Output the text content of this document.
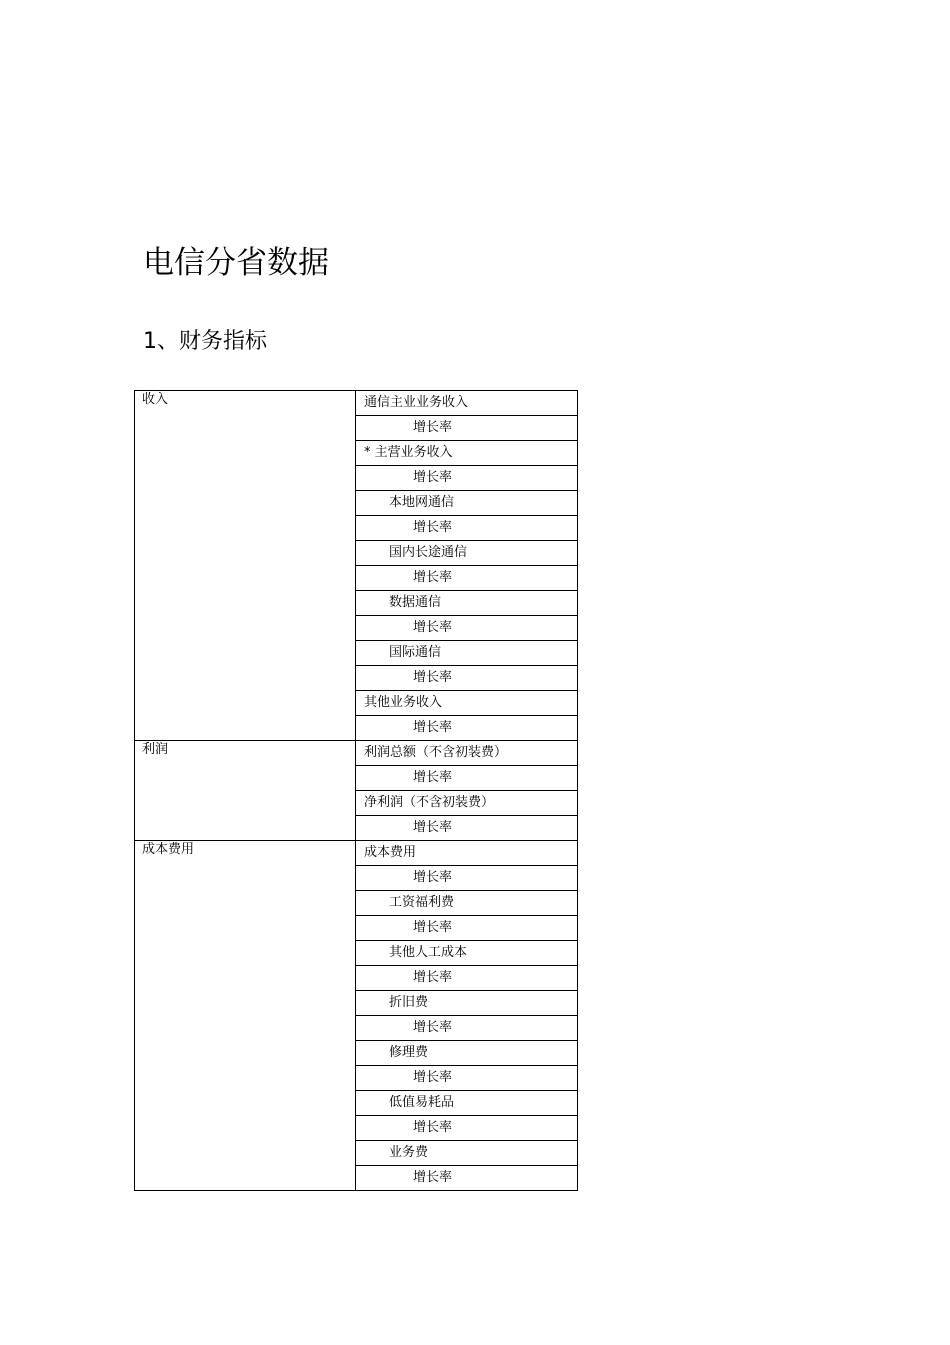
电信分省数据
1、财务指标
收入	通信主业业务收入
	增长率
	* 主营业务收入
	增长率
	本地网通信
	增长率
	国内长途通信
	增长率
	数据通信
	增长率
	国际通信
	增长率
	其他业务收入
	增长率
利润	利润总额（不含初装费）
	增长率
	净利润（不含初装费）
	增长率
成本费用	成本费用
	增长率
	工资福利费
	增长率
	其他人工成本
	增长率
	折旧费
	增长率
	修理费
	增长率
	低值易耗品
	增长率
	业务费
	增长率
